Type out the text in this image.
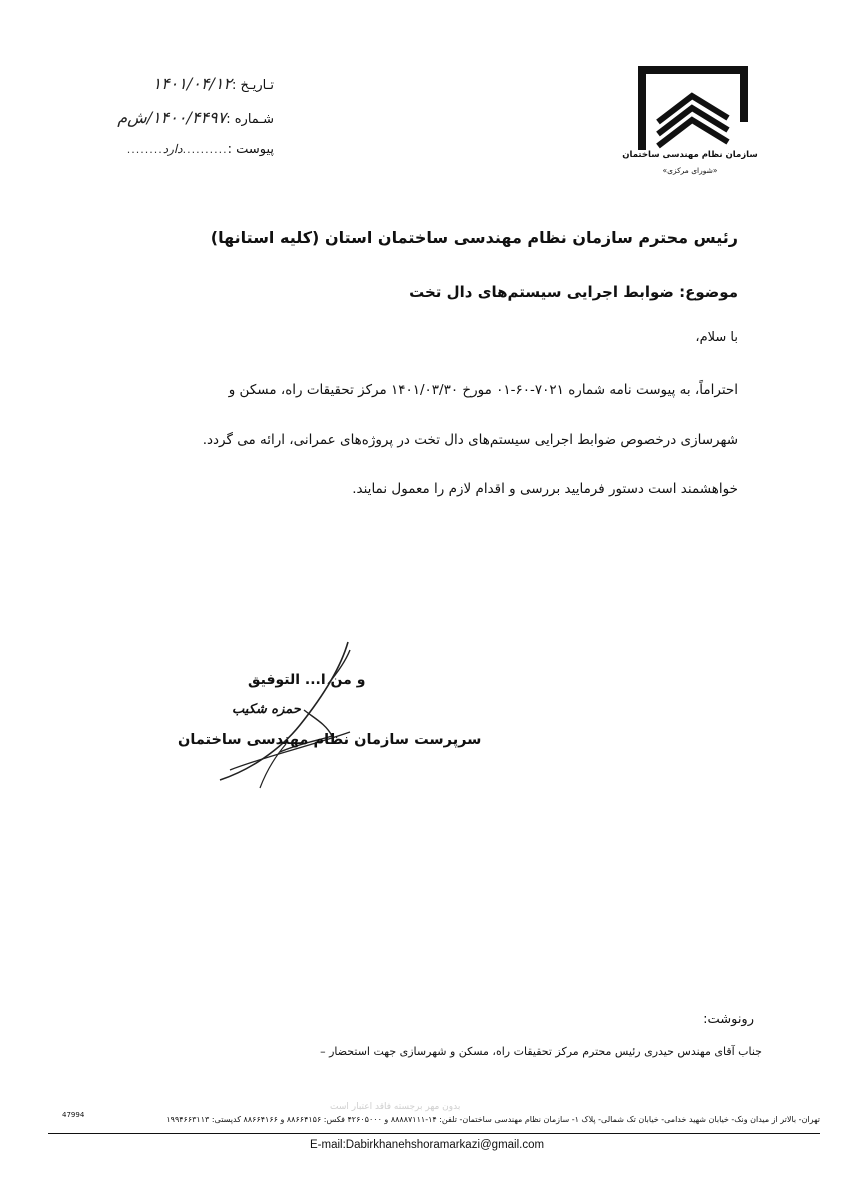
سازمان نظام مهندسی ساختمان
«شورای مرکزی»
تـاریـخ :
۱۴۰۱/۰۴/۱۲
شـماره :
۱۴۰۰/۴۴۹۷/ش‌م
پیوست :
..........
دارد
........
رئیس محترم سازمان نظام مهندسی ساختمان استان (کلیه استانها)
موضوع: ضوابط اجرایی سیستم‌های دال تخت
با سلام،
احتراماً، به پیوست نامه شماره ۷۰۲۱-۶۰-۰۱ مورخ ۱۴۰۱/۰۳/۳۰ مرکز تحقیقات راه، مسکن و
شهرسازی درخصوص ضوابط اجرایی سیستم‌های دال تخت در پروژه‌های عمرانی، ارائه می گردد.
خواهشمند است دستور فرمایید بررسی و اقدام لازم را معمول نمایند.
و من ا... التوفیق
حمزه شکیب
سرپرست سازمان نظام مهندسی ساختمان
رونوشت:
جناب آقای مهندس حیدری رئیس محترم مرکز تحقیقات راه، مسکن و شهرسازی جهت استحضار –
47994
بدون مهر برجسته فاقد اعتبار است
تهران- بالاتر از میدان ونک- خیابان شهید خدامی- خیابان تک شمالی- پلاک ۱- سازمان نظام مهندسی ساختمان- تلفن: ۱۴-۸۸۸۸۷۱۱۱ و ۴۲۶۰۵۰۰۰ فکس: ۸۸۶۶۴۱۵۶ و ۸۸۶۶۴۱۶۶ کدپستی: ۱۹۹۴۶۶۳۱۱۳
E-mail:Dabirkhanehshoramarkazi@gmail.com
